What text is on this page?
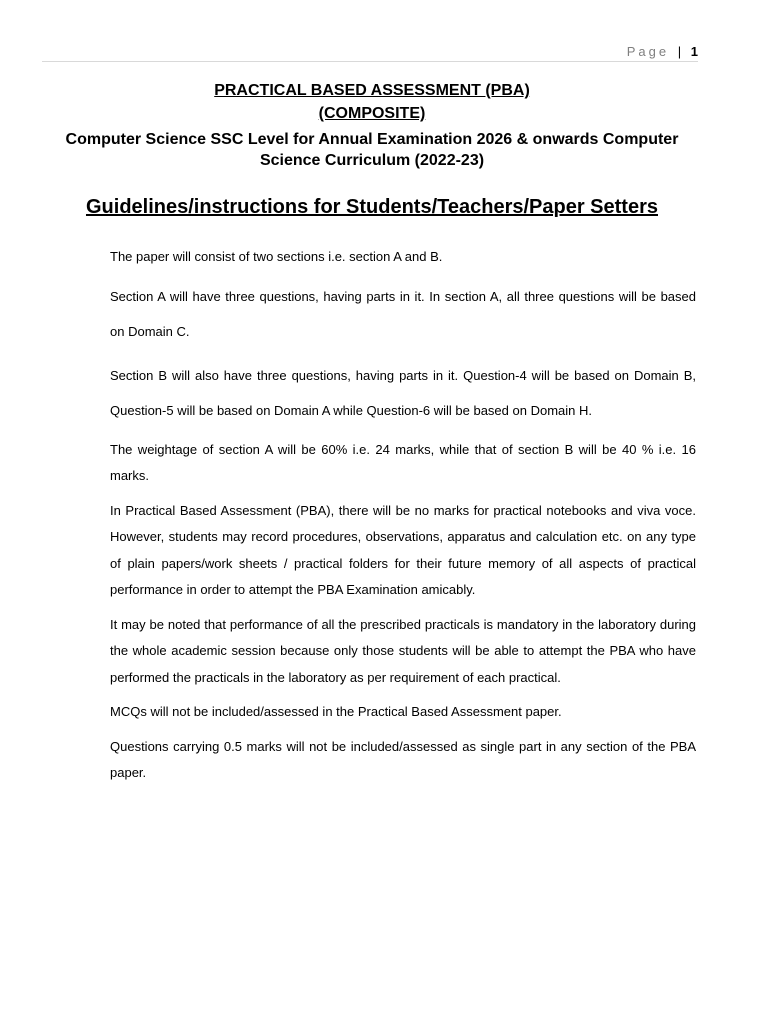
Page | 1
PRACTICAL BASED ASSESSMENT (PBA)
(COMPOSITE)
Computer Science SSC Level for Annual Examination 2026 & onwards Computer Science Curriculum (2022-23)
Guidelines/instructions for Students/Teachers/Paper Setters

The paper will consist of two sections i.e. section A and B.

Section A will have three questions, having parts in it. In section A, all three questions will be based on Domain C.

Section B will also have three questions, having parts in it. Question-4 will be based on Domain B, Question-5 will be based on Domain A while Question-6 will be based on Domain H.

The weightage of section A will be 60% i.e. 24 marks, while that of section B will be 40 % i.e. 16 marks.

In Practical Based Assessment (PBA), there will be no marks for practical notebooks and viva voce. However, students may record procedures, observations, apparatus and calculation etc. on any type of plain papers/work sheets / practical folders for their future memory of all aspects of practical performance in order to attempt the PBA Examination amicably.

It may be noted that performance of all the prescribed practicals is mandatory in the laboratory during the whole academic session because only those students will be able to attempt the PBA who have performed the practicals in the laboratory as per requirement of each practical.

MCQs will not be included/assessed in the Practical Based Assessment paper.

Questions carrying 0.5 marks will not be included/assessed as single part in any section of the PBA paper.
